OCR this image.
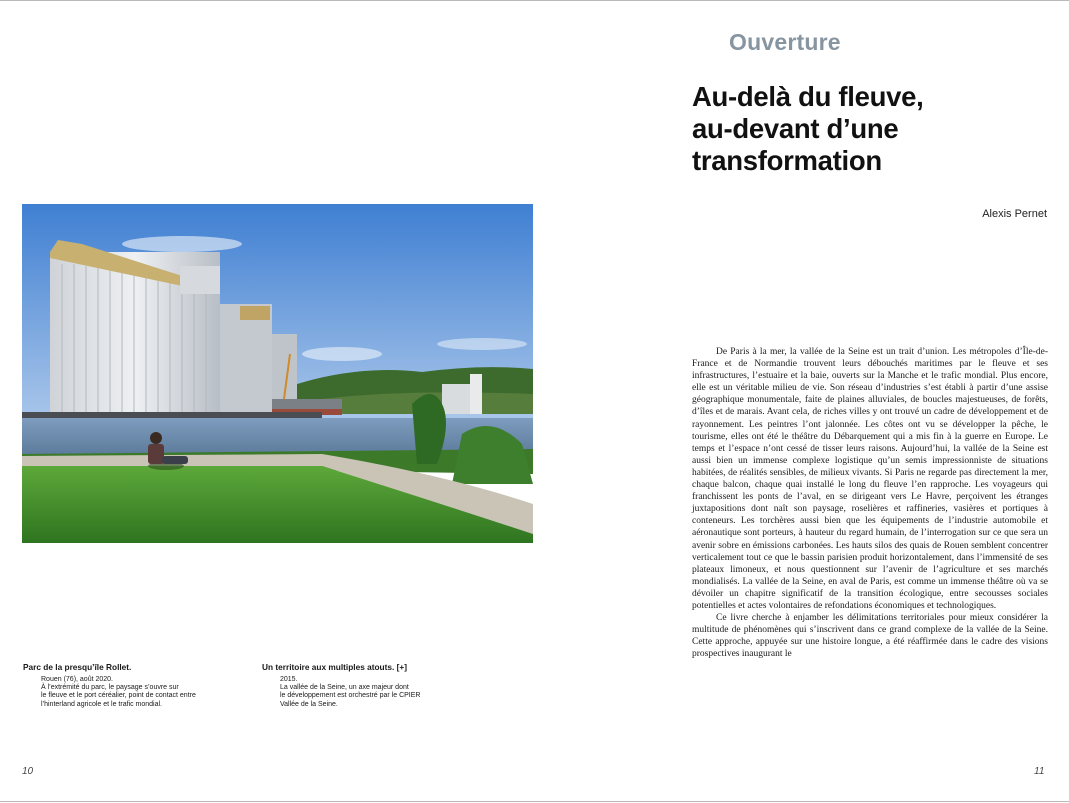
Parc de la presqu’île Rollet.
Rouen (76), août 2020.
À l’extrémité du parc, le paysage s’ouvre sur
le fleuve et le port céréalier, point de contact entre
l’hinterland agricole et le trafic mondial.
Un territoire aux multiples atouts. [+]
2015.
La vallée de la Seine, un axe majeur dont
le développement est orchestré par le CPIER
Vallée de la Seine.
10
Ouverture
Au-delà du fleuve,
au-devant d’une
transformation
Alexis Pernet

De Paris à la mer, la vallée de la Seine est un trait d’union. Les métropoles d’Île-de-France et de Normandie trouvent leurs débouchés maritimes par le fleuve et ses infrastructures, l’estuaire et la baie, ouverts sur la Manche et le trafic mondial. Plus encore, elle est un véritable milieu de vie. Son réseau d’industries s’est établi à partir d’une assise géographique monumentale, faite de plaines alluviales, de boucles majestueuses, de forêts, d’îles et de marais. Avant cela, de riches villes y ont trouvé un cadre de développement et de rayonnement. Les peintres l’ont jalonnée. Les côtes ont vu se développer la pêche, le tourisme, elles ont été le théâtre du Débarquement qui a mis fin à la guerre en Europe. Le temps et l’espace n’ont cessé de tisser leurs raisons. Aujourd’hui, la vallée de la Seine est aussi bien un immense complexe logistique qu’un semis impressionniste de situations habitées, de réalités sensibles, de milieux vivants. Si Paris ne regarde pas directement la mer, chaque balcon, chaque quai installé le long du fleuve l’en rapproche. Les voyageurs qui franchissent les ponts de l’aval, en se dirigeant vers Le Havre, perçoivent les étranges juxtapositions dont naît son paysage, roselières et raffineries, vasières et portiques à conteneurs. Les torchères aussi bien que les équipements de l’industrie automobile et aéronautique sont porteurs, à hauteur du regard humain, de l’interrogation sur ce que sera un avenir sobre en émissions carbonées. Les hauts silos des quais de Rouen semblent concentrer verticalement tout ce que le bassin parisien produit horizontalement, dans l’immensité de ses plateaux limoneux, et nous questionnent sur l’avenir de l’agriculture et ses marchés mondialisés. La vallée de la Seine, en aval de Paris, est comme un immense théâtre où va se dévoiler un chapitre significatif de la transition écologique, entre secousses sociales potentielles et actes volontaires de refondations économiques et technologiques.

Ce livre cherche à enjamber les délimitations territoriales pour mieux considérer la multitude de phénomènes qui s’inscrivent dans ce grand complexe de la vallée de la Seine. Cette approche, appuyée sur une histoire longue, a été réaffirmée dans le cadre des visions prospectives inaugurant le

11
